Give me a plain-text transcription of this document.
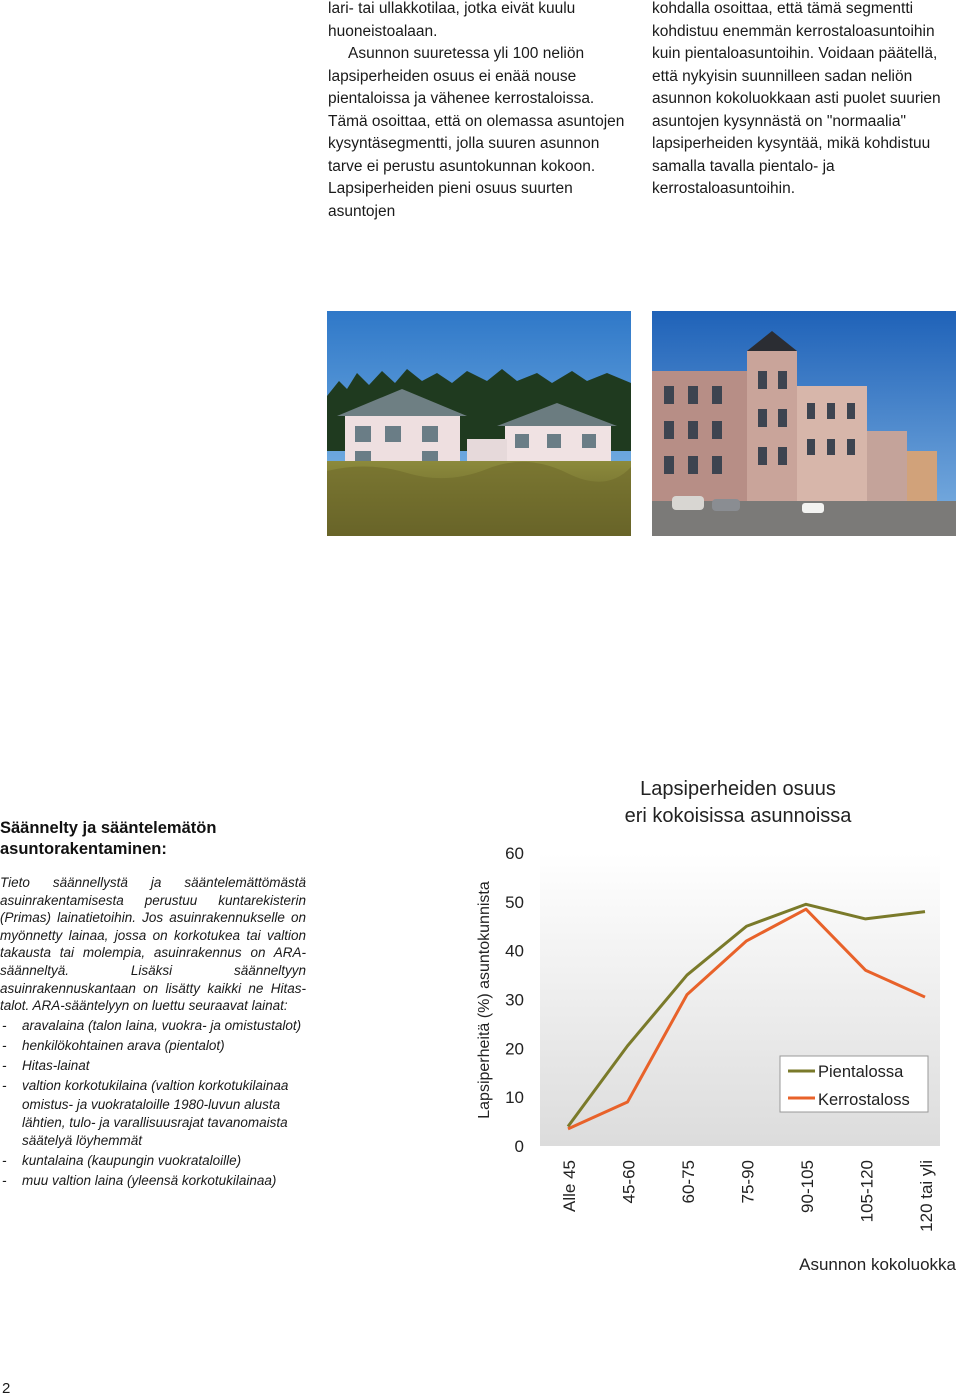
lari- tai ullakkotilaa, jotka eivät kuulu huoneistoalaan.

Asunnon suuretessa yli 100 neliön lapsiperheiden osuus ei enää nouse pientaloissa ja vähenee kerrostaloissa. Tämä osoittaa, että on olemassa asuntojen kysyntäsegmentti, jolla suuren asunnon tarve ei perustu asuntokunnan kokoon. Lapsiperheiden pieni osuus suurten asuntojen

kohdalla osoittaa, että tämä segmentti kohdistuu enemmän kerrostaloasuntoihin kuin pientaloasuntoihin. Voidaan päätellä, että nykyisin suunnilleen sadan neliön asunnon kokoluokkaan asti puolet suurien asuntojen kysynnästä on "normaalia" lapsiperheiden kysyntää, mikä kohdistuu samalla tavalla pientalo- ja kerrostaloasuntoihin.

Säännelty ja sääntelemätön asuntorakentaminen:

Tieto säännellystä ja sääntelemättömästä asuinrakentamisesta perustuu kuntarekisterin (Primas) lainatietoihin. Jos asuinrakennukselle on myönnetty lainaa, jossa on korkotukea tai valtion takausta tai molempia, asuinrakennus on ARA-säänneltyä. Lisäksi säänneltyyn asuinrakennuskantaan on lisätty kaikki ne Hitas-talot. ARA-sääntelyyn on luettu seuraavat lainat:

- aravalaina (talon laina, vuokra- ja omistustalot)
- henkilökohtainen arava (pientalot)
- Hitas-lainat
- valtion korkotukilaina (valtion korkotukilainaa omistus- ja vuokrataloille 1980-luvun alusta lähtien, tulo- ja varallisuusrajat tavanomaista säätelyä löyhemmät
- kuntalaina (kaupungin vuokrataloille)
- muu valtion laina (yleensä korkotukilainaa)
Lapsiperheiden osuus
eri kokoisissa asunnoissa
Lapsiperheitä (%) asuntokunnista
0
10
20
30
40
50
60
Alle 45 45-60 60-75 75-90 90-105 105-120 120 tai yli
Pientalossa
Kerrostaloss
Asunnon kokoluokka
2
